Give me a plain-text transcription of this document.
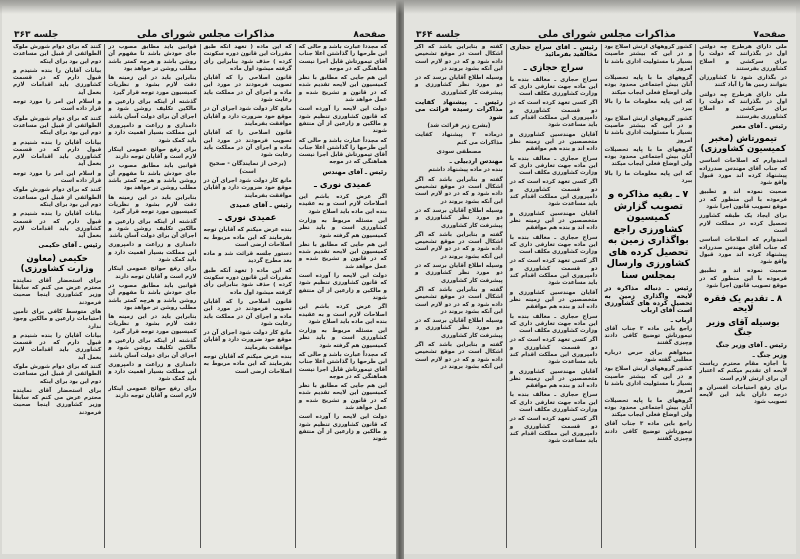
صفحه۸
مذاکرات مجلس شورای ملی
جلسه ۳۶۳

که مجدداً عبارت باشد و حالی که این طرحها را گذاشتن اعلا جناب آقای تیمورتاش قابل اجرا نیست هماهنگی که در موجه

این هم جایی که مطابق با نظر کمیسیون این لایحه تقدیم شده که در قانون و تشریح شده و عمل خواهد شد

دولت این لایحه را آورده است که قانون کشاورزی تنظیم شود و مالکین و زارعین از آن منتفع شوند

که مجدداً عبارت باشد و حالی که این طرحها را گذاشتن اعلا جناب آقای تیمورتاش قابل اجرا نیست هماهنگی که در موجه

رئیس ـ آقای مهندس

عمیدی نوری ـ

اگر عرض کرده باشم این اصلاحات لازم است و به عقیده بنده این ماده باید اصلاح شود

این مسئله مربوط به وزارت کشاورزی است و باید نظر کمیسیون هم گرفته شود

این هم جایی که مطابق با نظر کمیسیون این لایحه تقدیم شده که در قانون و تشریح شده و عمل خواهد شد

دولت این لایحه را آورده است که قانون کشاورزی تنظیم شود و مالکین و زارعین از آن منتفع شوند

اگر عرض کرده باشم این اصلاحات لازم است و به عقیده بنده این ماده باید اصلاح شود

این مسئله مربوط به وزارت کشاورزی است و باید نظر کمیسیون هم گرفته شود

که مجدداً عبارت باشد و حالی که این طرحها را گذاشتن اعلا جناب آقای تیمورتاش قابل اجرا نیست هماهنگی که در موجه

این هم جایی که مطابق با نظر کمیسیون این لایحه تقدیم شده که در قانون و تشریح شده و عمل خواهد شد

دولت این لایحه را آورده است که قانون کشاورزی تنظیم شود و مالکین و زارعین از آن منتفع شوند

که این ماده ( تعهد آنکه طبق مقررات این قانون دوره سکونت کرده ) حذف شود بنابراین رأی گرفته میشود اول ماده

قانون اصلاحی را که آقایان تصویب فرمودند در مورد این ماده و اجرای آن در مملکت باید رعایت شود

مانع کار دولت شود اجرای آن در موقع خود ضرورت دارد و آقایان موافقت بفرمایند

قانون اصلاحی را که آقایان تصویب فرمودند در مورد این ماده و اجرای آن در مملکت باید رعایت شود

(برخی از نمایندگان - صحیح است)

مانع کار دولت شود اجرای آن در موقع خود ضرورت دارد و آقایان موافقت بفرمایند

رئیس ـ آقای عمیدی

عمیدی نوری ـ

بنده عرض میکنم که آقایان توجه بفرمایند که این ماده مربوط به اصلاحات ارضی است

دستور جلسه قرائت شد و ماده بعد مطرح گردید

که این ماده ( تعهد آنکه طبق مقررات این قانون دوره سکونت کرده ) حذف شود بنابراین رأی گرفته میشود اول ماده

قانون اصلاحی را که آقایان تصویب فرمودند در مورد این ماده و اجرای آن در مملکت باید رعایت شود

مانع کار دولت شود اجرای آن در موقع خود ضرورت دارد و آقایان موافقت بفرمایند

بنده عرض میکنم که آقایان توجه بفرمایند که این ماده مربوط به اصلاحات ارضی است

قوانین باید مطابق مصوب در جای خودش باشد تا مفهوم آن روشن باشد و هرچه کمتر باشد مطلب روشن تر خواهد بود

بنابراین باید در این زمینه ها دقت لازم بشود و نظریات کمیسیون مورد توجه قرار گیرد

گذشته از اینکه برای زارعین و مالکین تکلیف روشن شود و اجرای آن برای دولت آسان باشد

دامداری و زراعت و دامپروری این مملکت بسیار اهمیت دارد و باید کمک شود

برای رفع حوائج عمومی اینکار لازم است و آقایان توجه دارند

قوانین باید مطابق مصوب در جای خودش باشد تا مفهوم آن روشن باشد و هرچه کمتر باشد مطلب روشن تر خواهد بود

بنابراین باید در این زمینه ها دقت لازم بشود و نظریات کمیسیون مورد توجه قرار گیرد

گذشته از اینکه برای زارعین و مالکین تکلیف روشن شود و اجرای آن برای دولت آسان باشد

دامداری و زراعت و دامپروری این مملکت بسیار اهمیت دارد و باید کمک شود

برای رفع حوائج عمومی اینکار لازم است و آقایان توجه دارند

قوانین باید مطابق مصوب در جای خودش باشد تا مفهوم آن روشن باشد و هرچه کمتر باشد مطلب روشن تر خواهد بود

بنابراین باید در این زمینه ها دقت لازم بشود و نظریات کمیسیون مورد توجه قرار گیرد

گذشته از اینکه برای زارعین و مالکین تکلیف روشن شود و اجرای آن برای دولت آسان باشد

دامداری و زراعت و دامپروری این مملکت بسیار اهمیت دارد و باید کمک شود

برای رفع حوائج عمومی اینکار لازم است و آقایان توجه دارند

کنند که برای دوام شورش ملوک الطوائفی از قبیل این مساعدت دوم این بود برای اینکه

بیانات آقایان را بنده شنیدم و قبول دارم که در قسمت کشاورزی باید اقدامات لازم بعمل آید

و اسلام این امر را مورد توجه قرار داده است

کنند که برای دوام شورش ملوک الطوائفی از قبیل این مساعدت دوم این بود برای اینکه

بیانات آقایان را بنده شنیدم و قبول دارم که در قسمت کشاورزی باید اقدامات لازم بعمل آید

و اسلام این امر را مورد توجه قرار داده است

کنند که برای دوام شورش ملوک الطوائفی از قبیل این مساعدت دوم این بود برای اینکه

بیانات آقایان را بنده شنیدم و قبول دارم که در قسمت کشاورزی باید اقدامات لازم بعمل آید

رئیس ـ آقای حکیمی

حکیمی (معاون وزارت کشاورزی)

برای استحضار آقای نماینده محترم عرض می کنم که سابقاً وزیر کشاورزی اینجا صحبت فرمودند

های متوسط کافی برای تأمین احتیاجات زارعین و مالکین وجود ندارد

بیانات آقایان را بنده شنیدم و قبول دارم که در قسمت کشاورزی باید اقدامات لازم بعمل آید

کنند که برای دوام شورش ملوک الطوائفی از قبیل این مساعدت دوم این بود برای اینکه

برای استحضار آقای نماینده محترم عرض می کنم که سابقاً وزیر کشاورزی اینجا صحبت فرمودند

صفحه۷
مذاکرات مجلس شورای ملی
جلسه ۳۶۴

ملی دارای هرطرح چه دولتی اول در بگذرانند که دولت را برای سرکشی و اصلاح کشاورزی بفرستند

در بگذاری شود تا کشاورزان بتوانند زمین ها را آباد کنند

ملی دارای هرطرح چه دولتی اول در بگذرانند که دولت را برای سرکشی و اصلاح کشاورزی بفرستند

رئیس ـ آقای معبر

تیمورتاش (مخبر کمیسیون کشاورزی)

امیدوارم که اصلاحات اساسی که جناب آقای مهندس صدرزاده پیشنهاد کرده اند مورد قبول واقع شود

صحبت نموده اند و تطبیق فرموده با این منظور که در موقع تصویب قانون اجرا شود

برای ایجاد یک طبقه کشاورز تحصیل کرده در مملکت لازم است

امیدوارم که اصلاحات اساسی که جناب آقای مهندس صدرزاده پیشنهاد کرده اند مورد قبول واقع شود

صحبت نموده اند و تطبیق فرموده با این منظور که در موقع تصویب قانون اجرا شود

۸ ـ تقدیم یک فقره لایحه
بوسیله آقای وزیر جنگ

رئیس ـ آقای وزیر جنگ

وزیر جنگ ـ

با اجازه مقام محترم ریاست لایحه ای تقدیم میکنم که اعتبار آن برای ارتش لازم است

برای رفع احتیاجات افسران و درجه داران باید این لایحه تصویب شود

کشور گروههای ارتش اصلاح بود و در این که بیشتر خاصیت بسیار با مسئولیت اداری باشد تا امروز

گروههای ما با پایه تحصیلات آنان بیش اجتماعی محدود بوده ولی اوضاع فعلی ایجاب میکند

که این پایه معلومات ما را بالا ببرد

کشور گروههای ارتش اصلاح بود و در این که بیشتر خاصیت بسیار با مسئولیت اداری باشد تا امروز

گروههای ما با پایه تحصیلات آنان بیش اجتماعی محدود بوده ولی اوضاع فعلی ایجاب میکند

که این پایه معلومات ما را بالا ببرد

۷ ـ بقیه مذاکره و تصویب گزارش کمیسیون کشاورزی راجع بواگذاری زمین به تحصیل کرده های کشاورزی وارسال بمجلس سنا

رئیس ـ دنباله مذاکره در لایحه واگذاری زمین به تحصیل کرده های کشاورزی است آقای ارباب

ارباب ـ

راجع باین ماده ۳ جناب آقای تیمورتاش توضیح کافی دادند وچیزی گفتند

میخواهم برای حرص درباره مطلبی گفته شود

کشور گروههای ارتش اصلاح بود و در این که بیشتر خاصیت بسیار با مسئولیت اداری باشد تا امروز

گروههای ما با پایه تحصیلات آنان بیش اجتماعی محدود بوده ولی اوضاع فعلی ایجاب میکند

راجع باین ماده ۳ جناب آقای تیمورتاش توضیح کافی دادند وچیزی گفتند

رئیس ـ آقای سراج حجازی مخالفید بفرمائید

سراج حجازی ـ

سراج حجازی ـ معالف بنده با این ماده جهت تعارفی داری که وزارت کشاورزی مکلف است

اگر کسی تعهد کرده است که در دو قسمت کشاورزی و دامپروری این مملکت اقدام کند باید مساعدت شود

آقایان مهندسین کشاورزی و متخصصین در این زمینه نظر داده اند و بنده هم موافقم

سراج حجازی ـ معالف بنده با این ماده جهت تعارفی داری که وزارت کشاورزی مکلف است

اگر کسی تعهد کرده است که در دو قسمت کشاورزی و دامپروری این مملکت اقدام کند باید مساعدت شود

آقایان مهندسین کشاورزی و متخصصین در این زمینه نظر داده اند و بنده هم موافقم

سراج حجازی ـ معالف بنده با این ماده جهت تعارفی داری که وزارت کشاورزی مکلف است

اگر کسی تعهد کرده است که در دو قسمت کشاورزی و دامپروری این مملکت اقدام کند باید مساعدت شود

آقایان مهندسین کشاورزی و متخصصین در این زمینه نظر داده اند و بنده هم موافقم

سراج حجازی ـ معالف بنده با این ماده جهت تعارفی داری که وزارت کشاورزی مکلف است

اگر کسی تعهد کرده است که در دو قسمت کشاورزی و دامپروری این مملکت اقدام کند باید مساعدت شود

آقایان مهندسین کشاورزی و متخصصین در این زمینه نظر داده اند و بنده هم موافقم

سراج حجازی ـ معالف بنده با این ماده جهت تعارفی داری که وزارت کشاورزی مکلف است

اگر کسی تعهد کرده است که در دو قسمت کشاورزی و دامپروری این مملکت اقدام کند باید مساعدت شود

گفته و بنابراین باشد که اگر اشکال است در موقع تشخیص داده شود و که در دو لازم است این آنکه بشود بروند در

وسیله اطلاع آقایان برسد که در دو مورد نظر کشاورزی و پیشرفت کار کشاورزی

رئیس ـ پیشنهاد کفایت مذاکرات رسیده قرائت می شود

(بشرح زیر قرائت شد)

درماده ۳ پیشنهاد کفایت مذاکرات می کنم

مصطفی سودی

مهندس اردبیلی ـ

بنده در ماده پیشنهاد داشتم

گفته و بنابراین باشد که اگر اشکال است در موقع تشخیص داده شود و که در دو لازم است این آنکه بشود بروند در

وسیله اطلاع آقایان برسد که در دو مورد نظر کشاورزی و پیشرفت کار کشاورزی

گفته و بنابراین باشد که اگر اشکال است در موقع تشخیص داده شود و که در دو لازم است این آنکه بشود بروند در

وسیله اطلاع آقایان برسد که در دو مورد نظر کشاورزی و پیشرفت کار کشاورزی

گفته و بنابراین باشد که اگر اشکال است در موقع تشخیص داده شود و که در دو لازم است این آنکه بشود بروند در

وسیله اطلاع آقایان برسد که در دو مورد نظر کشاورزی و پیشرفت کار کشاورزی

گفته و بنابراین باشد که اگر اشکال است در موقع تشخیص داده شود و که در دو لازم است این آنکه بشود بروند در
